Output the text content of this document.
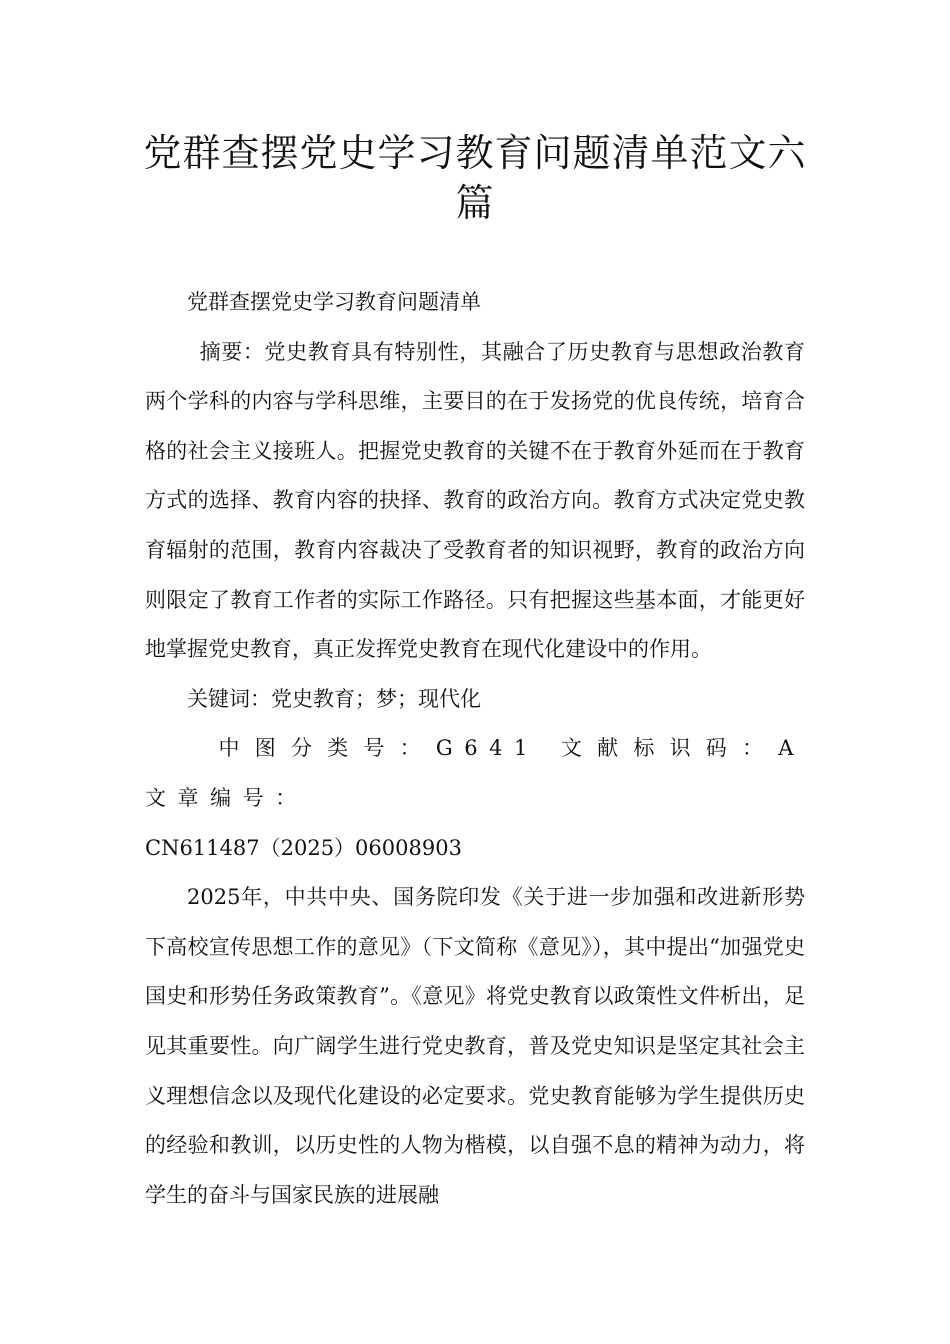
党群查摆党史学习教育问题清单范文六篇

党群查摆党史学习教育问题清单

摘要：党史教育具有特别性，其融合了历史教育与思想政治教育两个学科的内容与学科思维，主要目的在于发扬党的优良传统，培育合格的社会主义接班人。把握党史教育的关键不在于教育外延而在于教育方式的选择、教育内容的抉择、教育的政治方向。教育方式决定党史教育辐射的范围，教育内容裁决了受教育者的知识视野，教育的政治方向则限定了教育工作者的实际工作路径。只有把握这些基本面，才能更好地掌握党史教育，真正发挥党史教育在现代化建设中的作用。

关键词：党史教育；梦；现代化

中图分类号：G641 文献标识码：A 文章编号：
CN611487（2025）06008903

2025年，中共中央、国务院印发《关于进一步加强和改进新形势下高校宣传思想工作的意见》（下文简称《意见》），其中提出“加强党史国史和形势任务政策教育”。《意见》将党史教育以政策性文件析出，足见其重要性。向广阔学生进行党史教育，普及党史知识是坚定其社会主义理想信念以及现代化建设的必定要求。党史教育能够为学生提供历史的经验和教训，以历史性的人物为楷模，以自强不息的精神为动力，将学生的奋斗与国家民族的进展融
